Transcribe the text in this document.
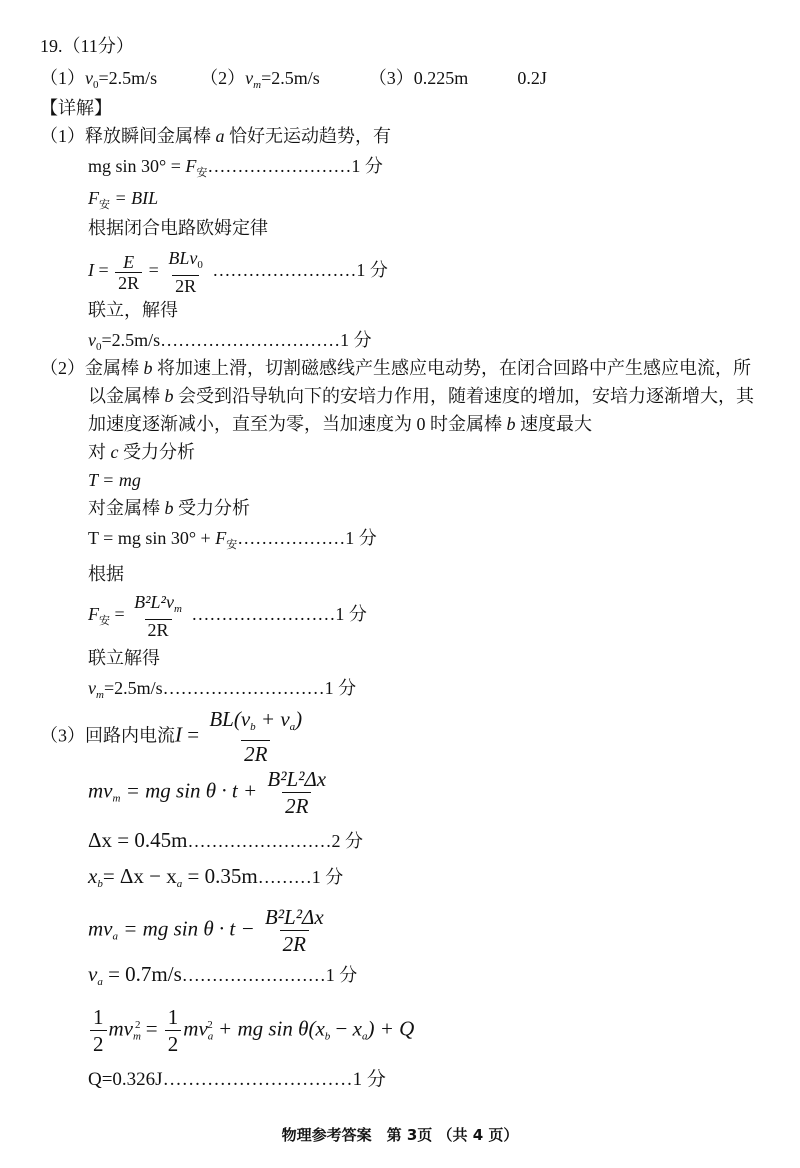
19.（11分）
$(1)v_0=2.5m/s$ $(2)v_m=2.5m/s$	（3）0.225m	0.2J
【详解】
（1）释放瞬间金属棒 a 恰好无运动趋势，有
mg $\sin 30^\circ = F_安\dots\dots\dots\dots\dots\dots\dots\dots 1$ 分
$F_安$ = BIL
根据闭合电路欧姆定律
$I = \frac{E}{2R} = \frac{BLv_0}{2R}$ ……………………1 分
联立，解得
$v_0=2.5m/s\dots\dots\dots\dots\dots\dots\dots\dots\dots\dots 1$ 分
（2）金属棒 b 将加速上滑，切割磁感线产生感应电动势，在闭合回路中产生感应电流，所
以金属棒 b 会受到沿导轨向下的安培力作用，随着速度的增加，安培力逐渐增大，其
加速度逐渐减小，直至为零，当加速度为 0 时金属棒 b 速度最大
对 c 受力分析
T = mg
对金属棒 b 受力分析
T = mg $\sin 30^\circ + F_安\dots\dots\dots\dots\dots\dots 1$ 分
根据
$F_安 = \frac{B^2L^2v_m}{2R}$ ……………………1 分
联立解得
$v_m=2.5m/s\dots\dots\dots\dots\dots\dots\dots\dots\dots 1$ 分
（3）回路内电流$I = \frac{BL(v_b + v_a)}{2R}$
$mv_m$ = mg $\sin \theta \cdot t + \frac{\text{B²L²Δx}}{2R}$
Δx = 0.45m……………………2 分
$x_b= \Delta x - x_a$ = 0.35m………1 分
$mv_a$ = mg $\sin \theta \cdot t - \frac{\text{B²L²Δx}}{2R}$
$v_a$ = 0.7m/s……………………1 分
$\frac{1}{2} mv_m^2 = \frac{1}{2} mv_a^2$ + mg $\sin \theta(x_b - x_a) + Q$
Q=0.326J…………………………1 分
物理参考答案　第 3页 （共 4 页）
